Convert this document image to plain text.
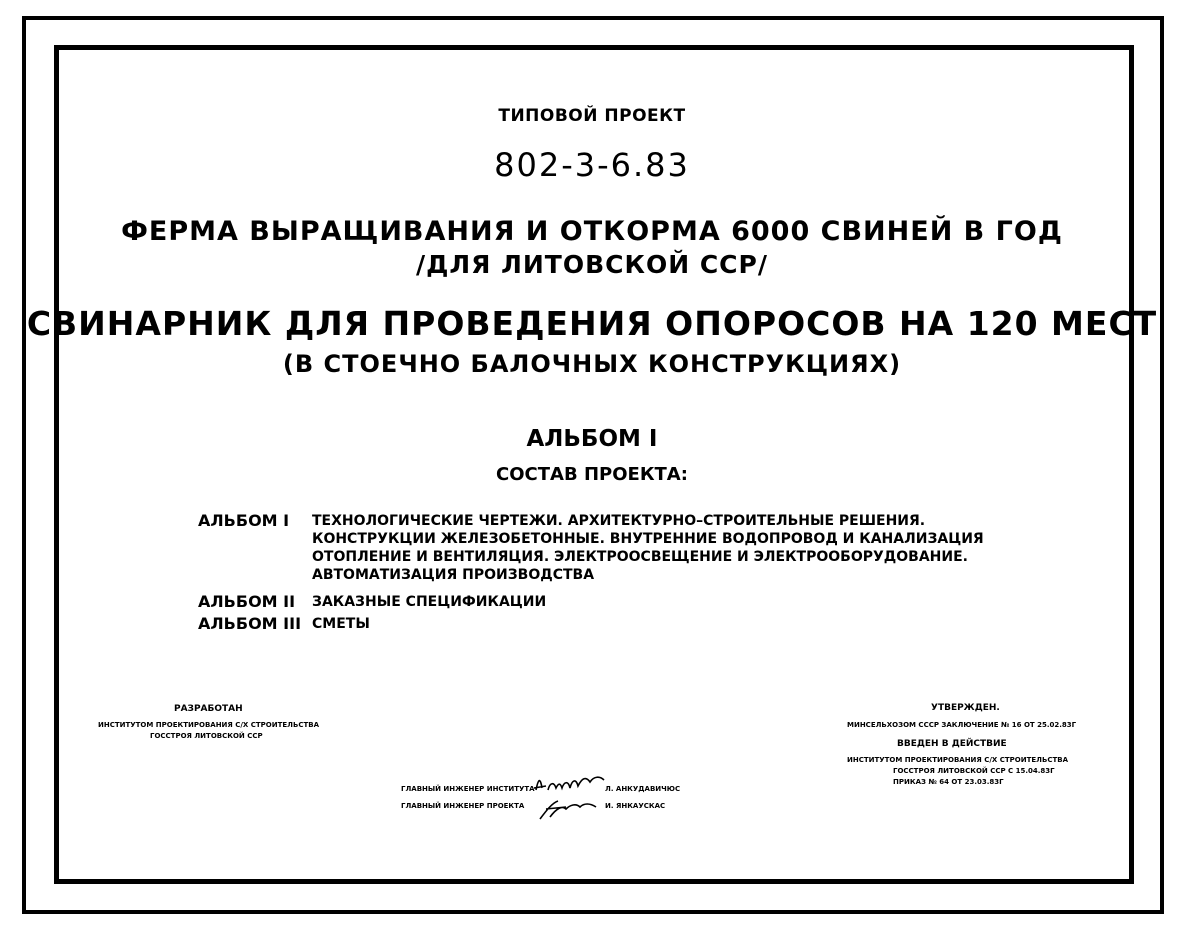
ТИПОВОЙ ПРОЕКТ
802-3-6.83
ФЕРМА ВЫРАЩИВАНИЯ И ОТКОРМА 6000 СВИНЕЙ В ГОД
/ДЛЯ ЛИТОВСКОЙ ССР/
СВИНАРНИК ДЛЯ ПРОВЕДЕНИЯ ОПОРОСОВ НА 120 МЕСТ
(В СТОЕЧНО БАЛОЧНЫХ КОНСТРУКЦИЯХ)
АЛЬБОМ I
СОСТАВ ПРОЕКТА:
АЛЬБОМ I ТЕХНОЛОГИЧЕСКИЕ ЧЕРТЕЖИ. АРХИТЕКТУРНО–СТРОИТЕЛЬНЫЕ РЕШЕНИЯ.
КОНСТРУКЦИИ ЖЕЛЕЗОБЕТОННЫЕ. ВНУТРЕННИЕ ВОДОПРОВОД И КАНАЛИЗАЦИЯ
ОТОПЛЕНИЕ И ВЕНТИЛЯЦИЯ. ЭЛЕКТРООСВЕЩЕНИЕ И ЭЛЕКТРООБОРУДОВАНИЕ.
АВТОМАТИЗАЦИЯ ПРОИЗВОДСТВА
АЛЬБОМ II ЗАКАЗНЫЕ СПЕЦИФИКАЦИИ
АЛЬБОМ III СМЕТЫ
РАЗРАБОТАН
ИНСТИТУТОМ ПРОЕКТИРОВАНИЯ С/Х СТРОИТЕЛЬСТВА
ГОССТРОЯ ЛИТОВСКОЙ ССР
УТВЕРЖДЕН.
МИНСЕЛЬХОЗОМ СССР ЗАКЛЮЧЕНИЕ № 16 ОТ 25.02.83Г
ВВЕДЕН В ДЕЙСТВИЕ
ИНСТИТУТОМ ПРОЕКТИРОВАНИЯ С/Х СТРОИТЕЛЬСТВА
ГОССТРОЯ ЛИТОВСКОЙ ССР С 15.04.83Г
ПРИКАЗ № 64 ОТ 23.03.83Г
ГЛАВНЫЙ ИНЖЕНЕР ИНСТИТУТА	Л. АНКУДАВИЧЮС
ГЛАВНЫЙ ИНЖЕНЕР ПРОЕКТА	И. ЯНКАУСКАС
